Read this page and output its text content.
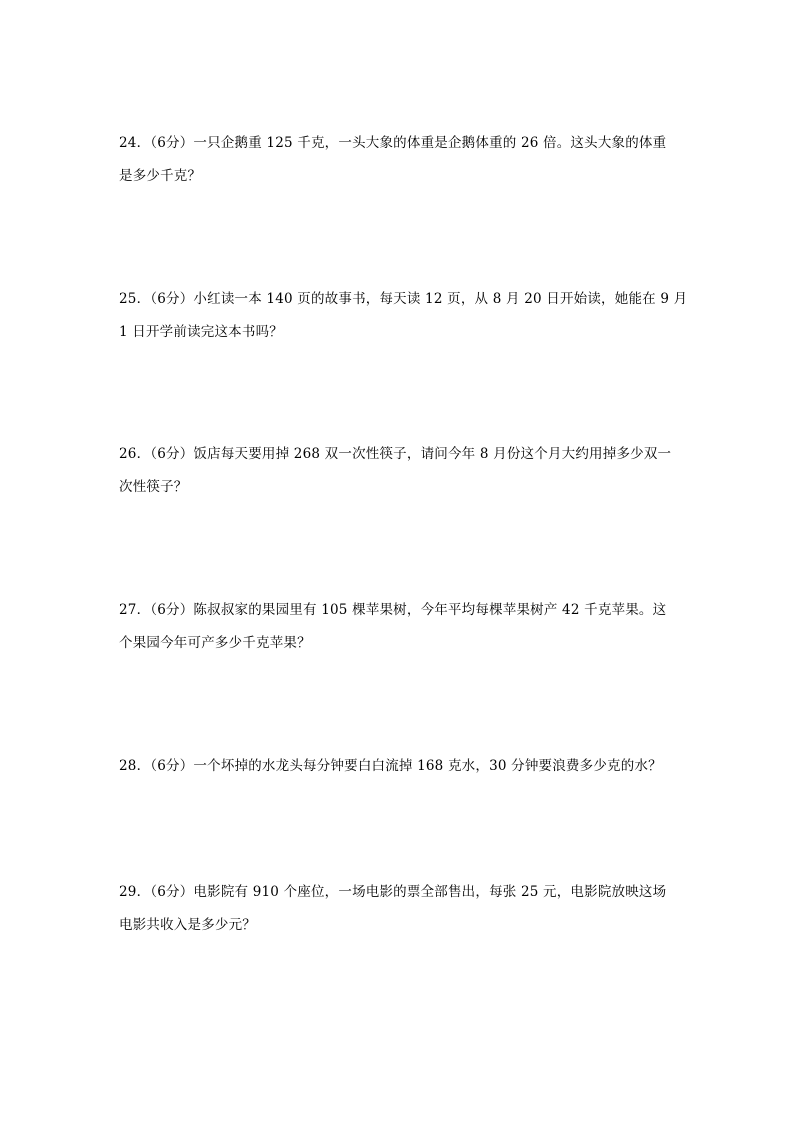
24．（6分）一只企鹅重 125 千克，一头大象的体重是企鹅体重的 26 倍。这头大象的体重
是多少千克？
25．（6分）小红读一本 140 页的故事书，每天读 12 页，从 8 月 20 日开始读，她能在 9 月
1 日开学前读完这本书吗？
26．（6分）饭店每天要用掉 268 双一次性筷子，请问今年 8 月份这个月大约用掉多少双一
次性筷子？
27．（6分）陈叔叔家的果园里有 105 棵苹果树，今年平均每棵苹果树产 42 千克苹果。这
个果园今年可产多少千克苹果？
28．（6分）一个坏掉的水龙头每分钟要白白流掉 168 克水，30 分钟要浪费多少克的水？
29．（6分）电影院有 910 个座位，一场电影的票全部售出，每张 25 元，电影院放映这场
电影共收入是多少元？
